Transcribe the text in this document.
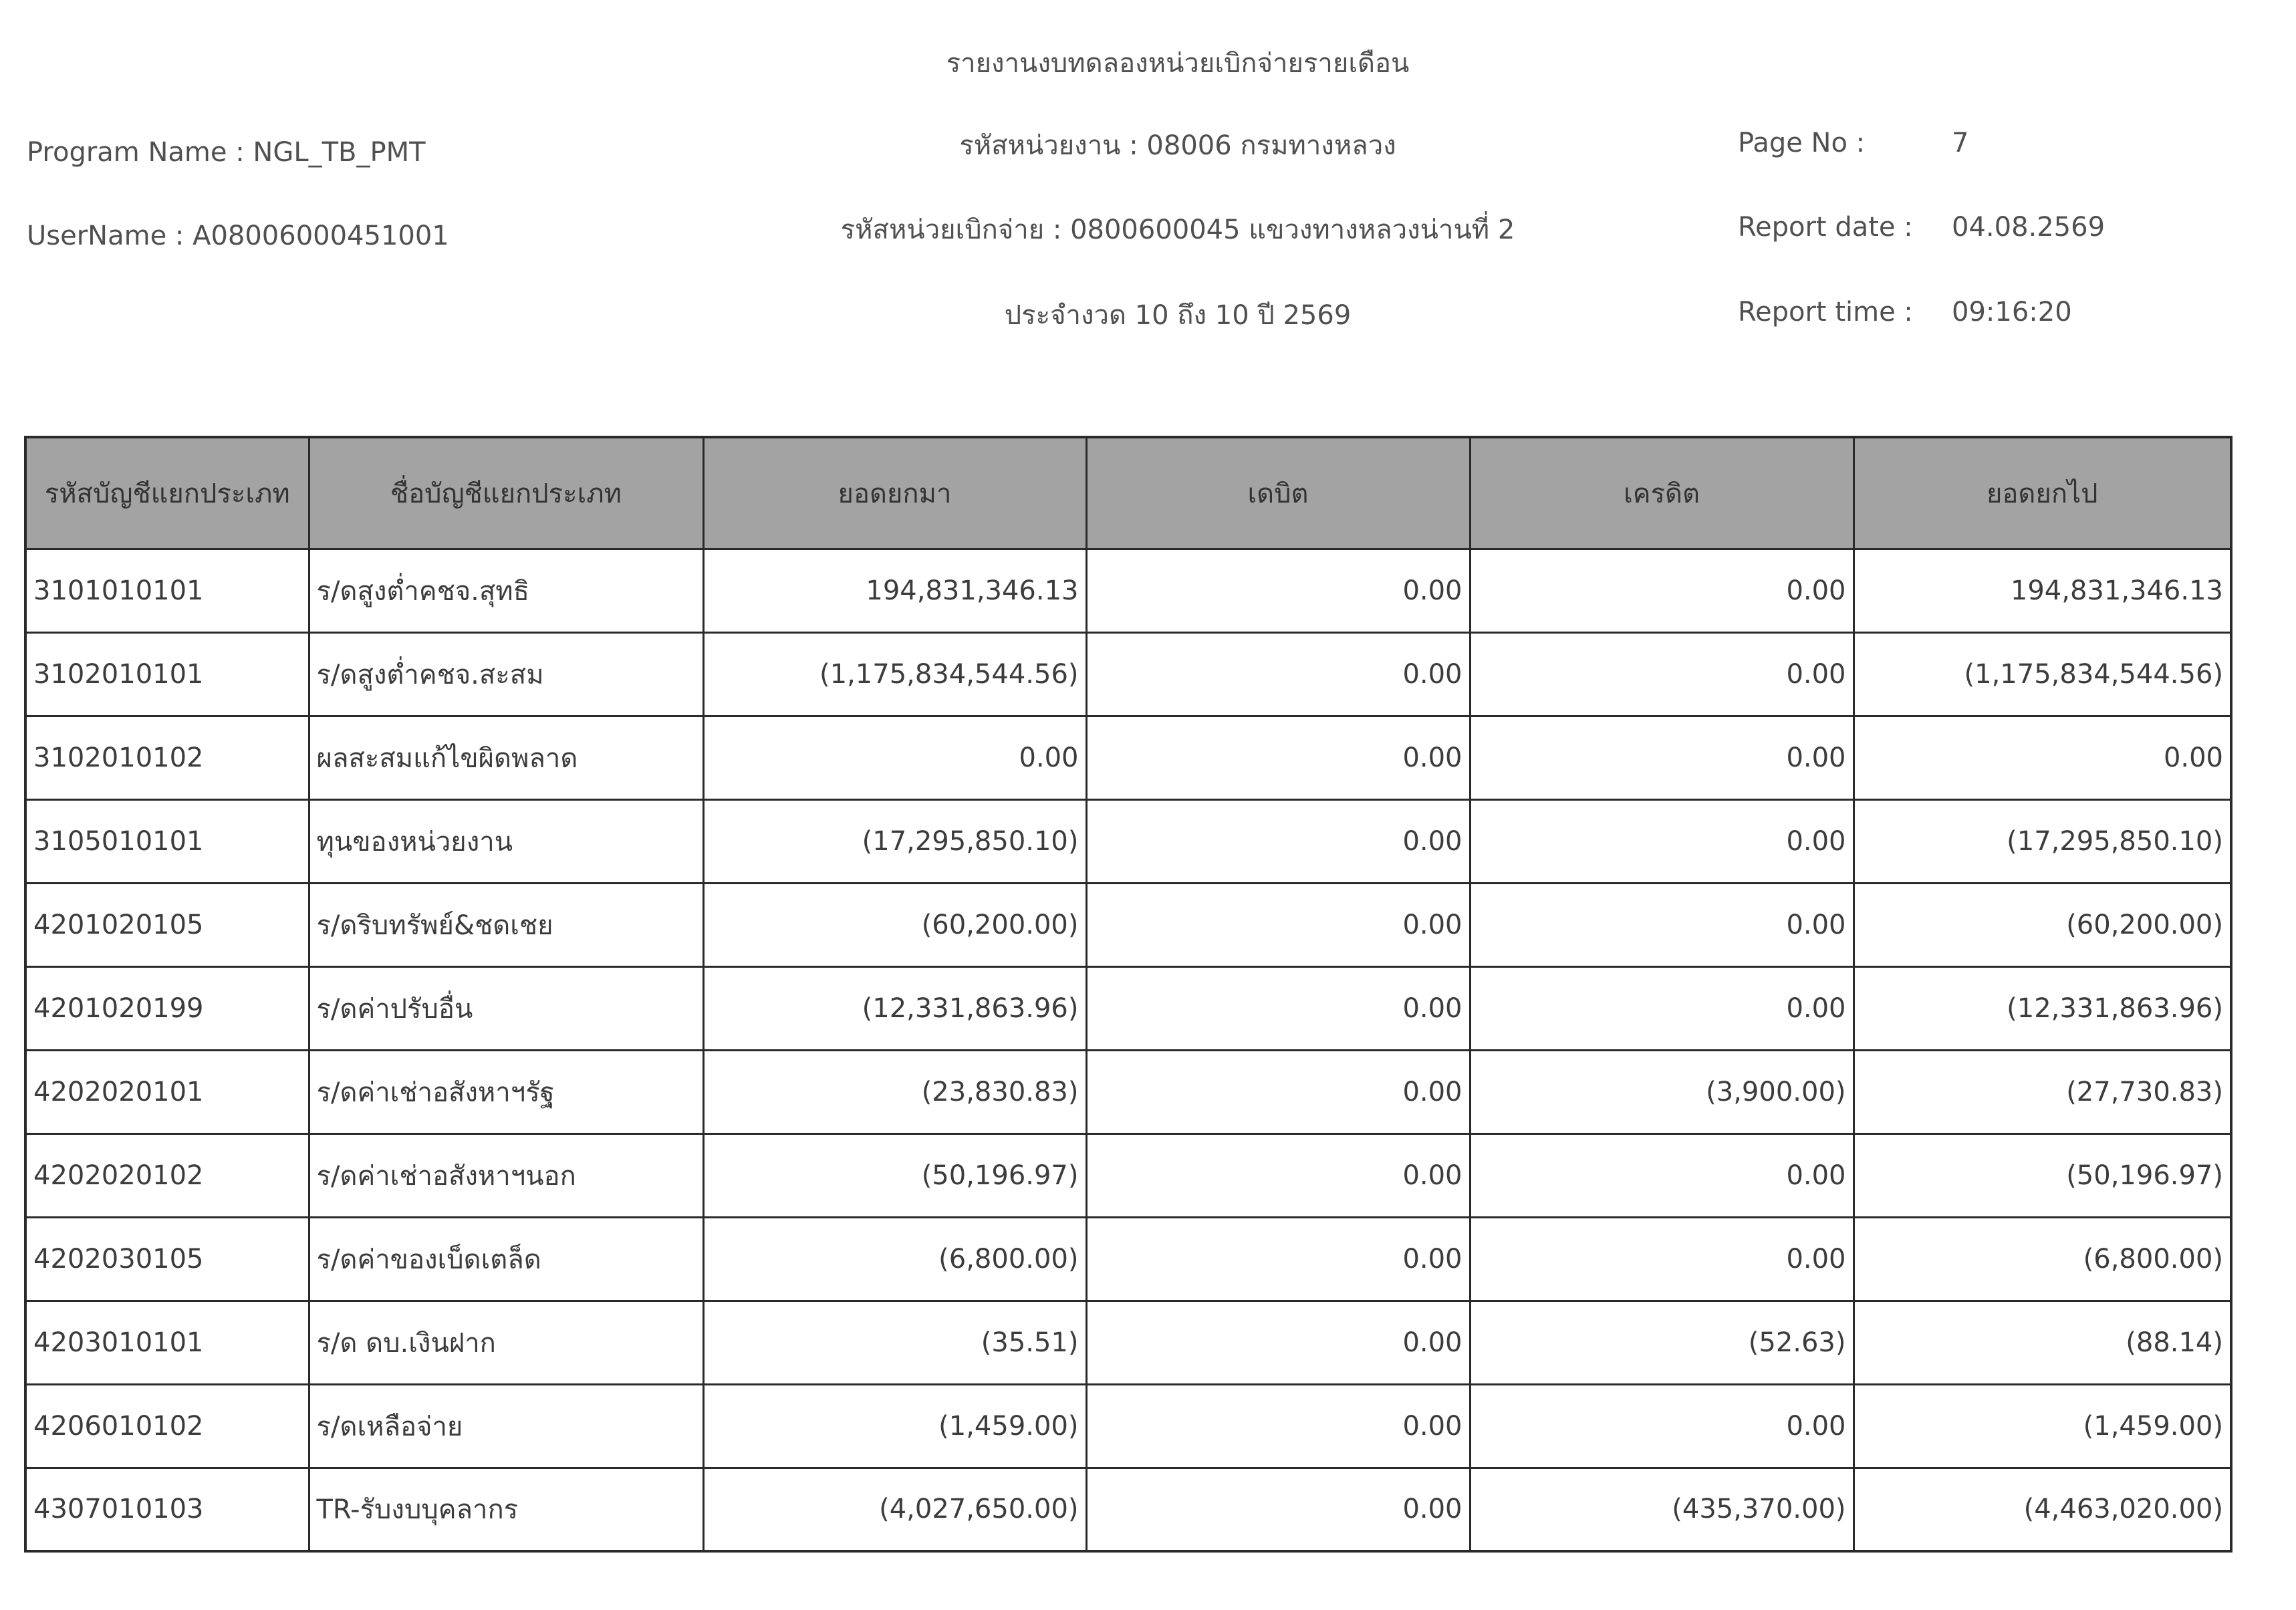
รายงานงบทดลองหน่วยเบิกจ่ายรายเดือน
Program Name : NGL_TB_PMT
UserName : A08006000451001
รหัสหน่วยงาน : 08006 กรมทางหลวง
รหัสหน่วยเบิกจ่าย : 0800600045 แขวงทางหลวงน่านที่ 2
ประจำงวด 10 ถึง 10 ปี 2569
Page No :	7
Report date : 04.08.2569
Report time : 09:16:20
รหัสบัญชีแยกประเภท	ชื่อบัญชีแยกประเภท	ยอดยกมา	เดบิต	เครดิต	ยอดยกไป
3101010101	ร/ดสูงต่ำคชจ.สุทธิ	194,831,346.13	0.00	0.00	194,831,346.13
3102010101	ร/ดสูงต่ำคชจ.สะสม	(1,175,834,544.56)	0.00	0.00	(1,175,834,544.56)
3102010102	ผลสะสมแก้ไขผิดพลาด	0.00	0.00	0.00	0.00
3105010101	ทุนของหน่วยงาน	(17,295,850.10)	0.00	0.00	(17,295,850.10)
4201020105	ร/ดริบทรัพย์&ชดเชย	(60,200.00)	0.00	0.00	(60,200.00)
4201020199	ร/ดค่าปรับอื่น	(12,331,863.96)	0.00	0.00	(12,331,863.96)
4202020101	ร/ดค่าเช่าอสังหาฯรัฐ	(23,830.83)	0.00	(3,900.00)	(27,730.83)
4202020102	ร/ดค่าเช่าอสังหาฯนอก	(50,196.97)	0.00	0.00	(50,196.97)
4202030105	ร/ดค่าของเบ็ดเตล็ด	(6,800.00)	0.00	0.00	(6,800.00)
4203010101	ร/ด ดบ.เงินฝาก	(35.51)	0.00	(52.63)	(88.14)
4206010102	ร/ดเหลือจ่าย	(1,459.00)	0.00	0.00	(1,459.00)
4307010103	TR-รับงบบุคลากร	(4,027,650.00)	0.00	(435,370.00)	(4,463,020.00)
